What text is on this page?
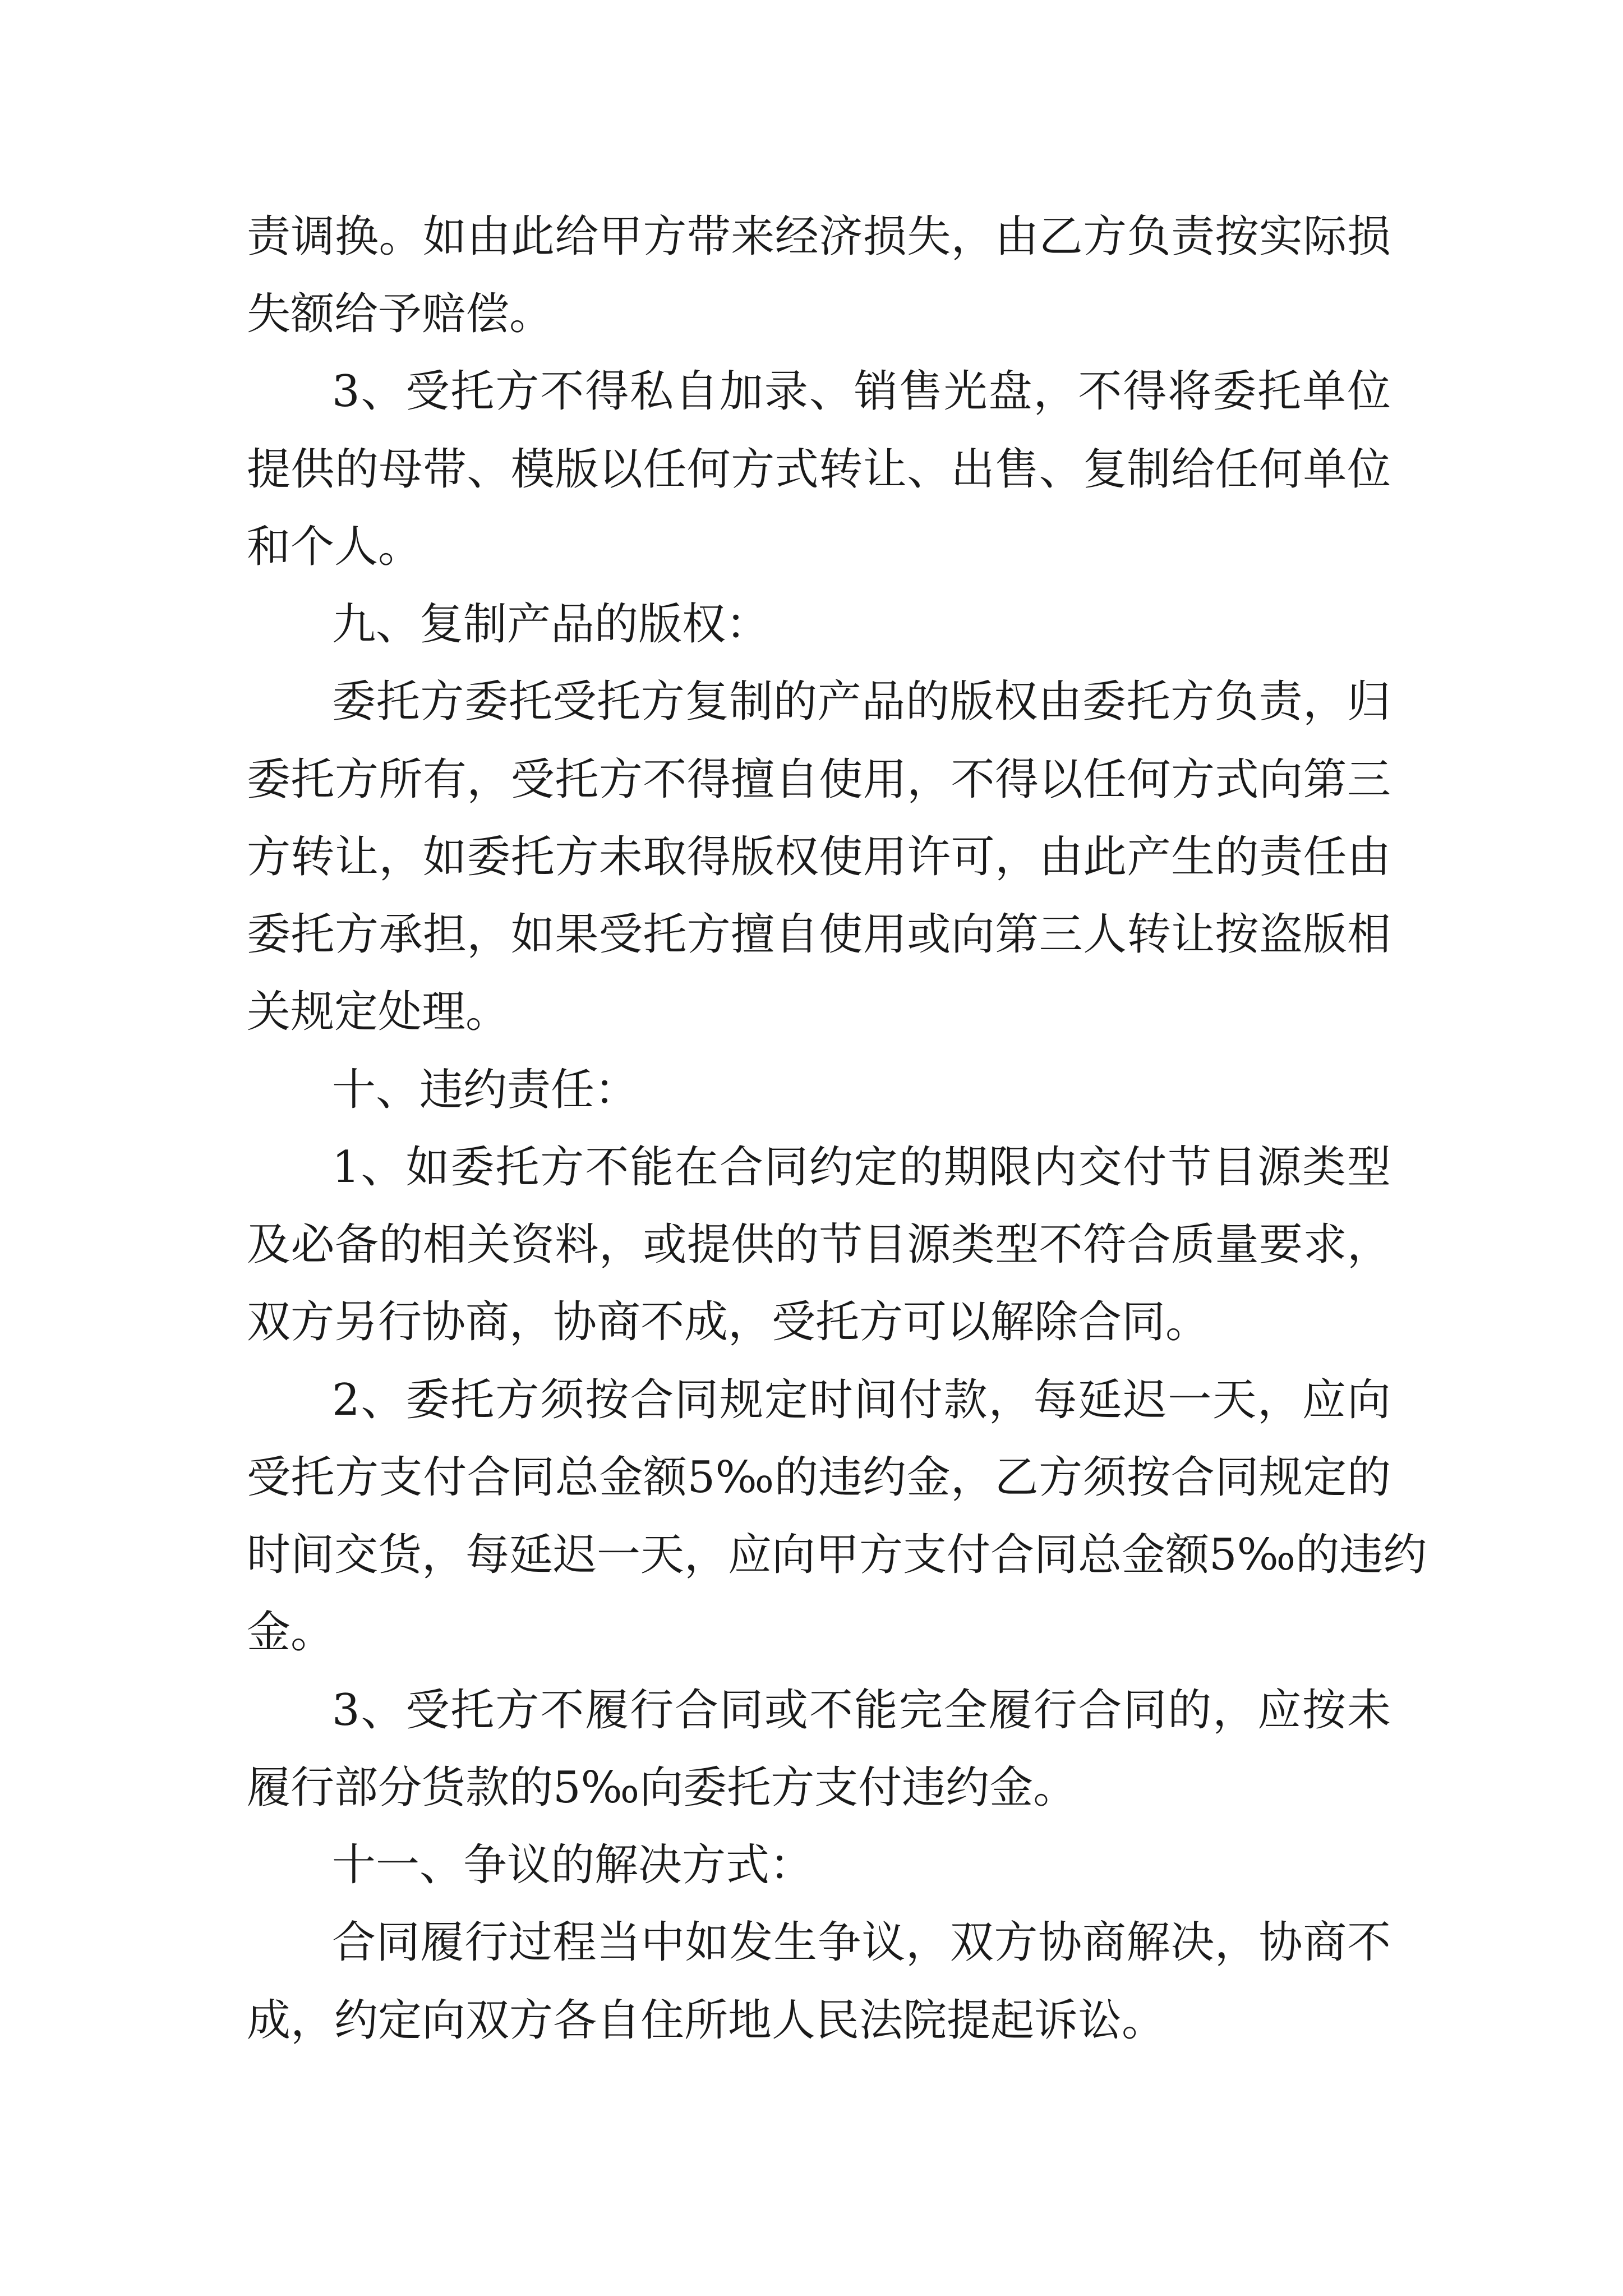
责调换。如由此给甲方带来经济损失，由乙方负责按实际损
失额给予赔偿。
3、受托方不得私自加录、销售光盘，不得将委托单位
提供的母带、模版以任何方式转让、出售、复制给任何单位
和个人。
九、复制产品的版权：
委托方委托受托方复制的产品的版权由委托方负责，归
委托方所有，受托方不得擅自使用，不得以任何方式向第三
方转让，如委托方未取得版权使用许可，由此产生的责任由
委托方承担，如果受托方擅自使用或向第三人转让按盗版相
关规定处理。
十、违约责任：
1、如委托方不能在合同约定的期限内交付节目源类型
及必备的相关资料，或提供的节目源类型不符合质量要求，
双方另行协商，协商不成，受托方可以解除合同。
2、委托方须按合同规定时间付款，每延迟一天，应向
受托方支付合同总金额5‰的违约金，乙方须按合同规定的
时间交货，每延迟一天，应向甲方支付合同总金额5‰的违约
金。
3、受托方不履行合同或不能完全履行合同的，应按未
履行部分货款的5‰向委托方支付违约金。
十一、争议的解决方式：
合同履行过程当中如发生争议，双方协商解决，协商不
成，约定向双方各自住所地人民法院提起诉讼。
